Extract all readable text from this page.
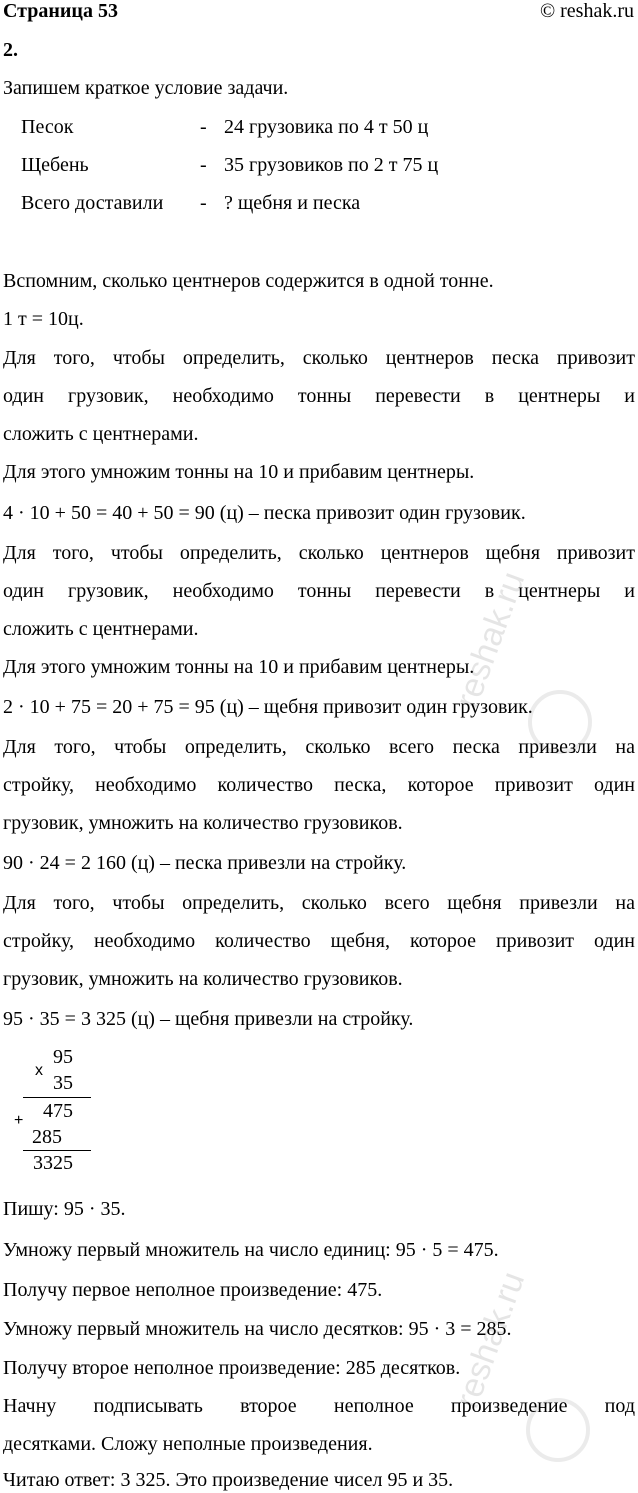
Страница 53	© reshak.ru
2.
Запишем краткое условие задачи.
Песок	- 24 грузовика по 4 т 50 ц
Щебень	- 35 грузовиков по 2 т 75 ц
Всего доставили - ? щебня и песка
Вспомним, сколько центнеров содержится в одной тонне.
1 т = 10ц.
Для того, чтобы определить, сколько центнеров песка привозит
один грузовик, необходимо тонны перевести в центнеры и
сложить с центнерами.
Для этого умножим тонны на 10 и прибавим центнеры.
4 · 10 + 50 = 40 + 50 = 90 (ц) – песка привозит один грузовик.
Для того, чтобы определить, сколько центнеров щебня привозит
один грузовик, необходимо тонны перевести в центнеры и
сложить с центнерами.
Для этого умножим тонны на 10 и прибавим центнеры.
2 · 10 + 75 = 20 + 75 = 95 (ц) – щебня привозит один грузовик.
Для того, чтобы определить, сколько всего песка привезли на
стройку, необходимо количество песка, которое привозит один
грузовик, умножить на количество грузовиков.
90 · 24 = 2 160 (ц) – песка привезли на стройку.
Для того, чтобы определить, сколько всего щебня привезли на
стройку, необходимо количество щебня, которое привозит один
грузовик, умножить на количество грузовиков.
95 · 35 = 3 325 (ц) – щебня привезли на стройку.
x
95
35
+ 475
285
3325
Пишу: 95 · 35.
Умножу первый множитель на число единиц: 95 · 5 = 475.
Получу первое неполное произведение: 475.
Умножу первый множитель на число десятков: 95 · 3 = 285.
Получу второе неполное произведение: 285 десятков.
Начну подписывать второе неполное произведение под
десятками. Сложу неполные произведения.
Читаю ответ: 3 325. Это произведение чисел 95 и 35.
reshak.ru
reshak.ru
